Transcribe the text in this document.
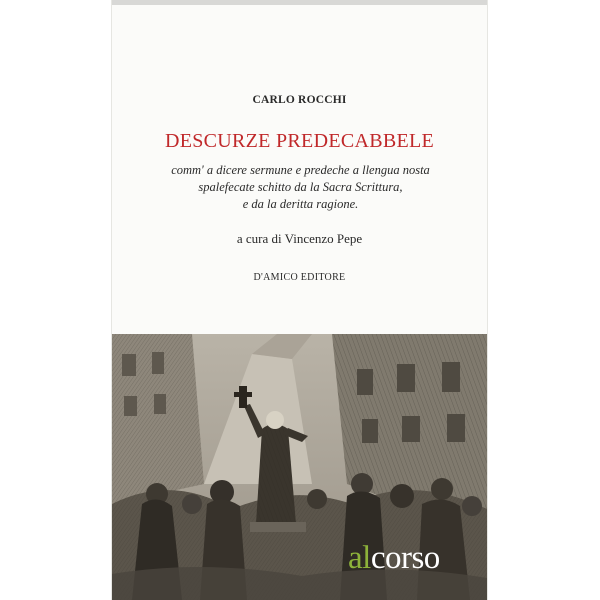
CARLO ROCCHI
DESCURZE PREDECABBELE
comm' a dicere sermune e predeche a llengua nosta
spalefecate schitto da la Sacra Scrittura,
e da la deritta ragione.
a cura di Vincenzo Pepe
D'AMICO EDITORE
alcorso
